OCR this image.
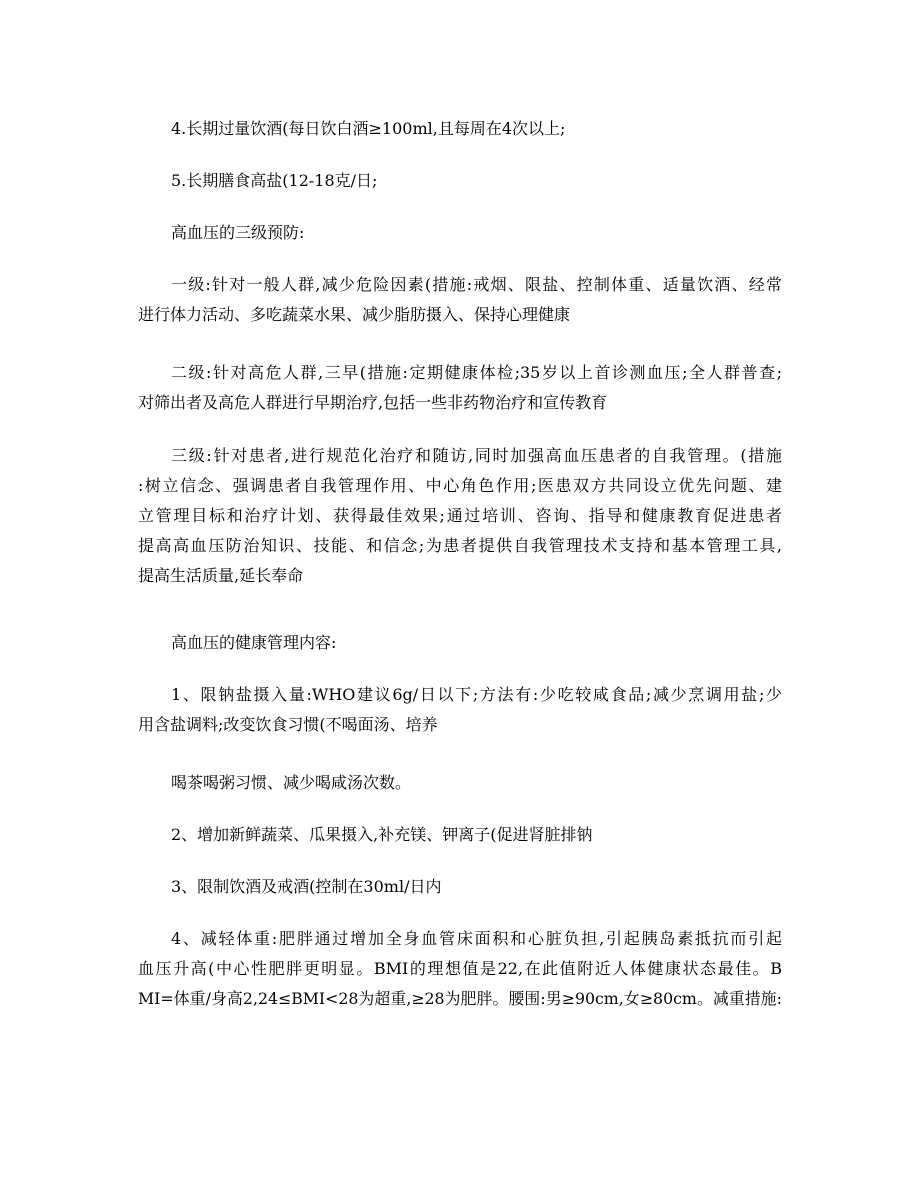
4.长期过量饮酒(每日饮白酒≥100ml,且每周在4次以上;
5.长期膳食高盐(12-18克/日;
高血压的三级预防:
一级:针对一般人群,减少危险因素(措施:戒烟、限盐、控制体重、适量饮酒、经常
进行体力活动、多吃蔬菜水果、减少脂肪摄入、保持心理健康
二级:针对高危人群,三早(措施:定期健康体检;35岁以上首诊测血压;全人群普查;
对筛出者及高危人群进行早期治疗,包括一些非药物治疗和宣传教育
三级:针对患者,进行规范化治疗和随访,同时加强高血压患者的自我管理。(措施
:树立信念、强调患者自我管理作用、中心角色作用;医患双方共同设立优先问题、建
立管理目标和治疗计划、获得最佳效果;通过培训、咨询、指导和健康教育促进患者
提高高血压防治知识、技能、和信念;为患者提供自我管理技术支持和基本管理工具,
提高生活质量,延长奉命
高血压的健康管理内容:
1、限钠盐摄入量:WHO建议6g/日以下;方法有:少吃较咸食品;减少烹调用盐;少
用含盐调料;改变饮食习惯(不喝面汤、培养
喝茶喝粥习惯、减少喝咸汤次数。
2、增加新鲜蔬菜、瓜果摄入,补充镁、钾离子(促进肾脏排钠
3、限制饮酒及戒酒(控制在30ml/日内
4、减轻体重:肥胖通过增加全身血管床面积和心脏负担,引起胰岛素抵抗而引起
血压升高(中心性肥胖更明显。BMI的理想值是22,在此值附近人体健康状态最佳。B
MI=体重/身高2,24≤BMI<28为超重,≥28为肥胖。腰围:男≥90cm,女≥80cm。减重措施:
